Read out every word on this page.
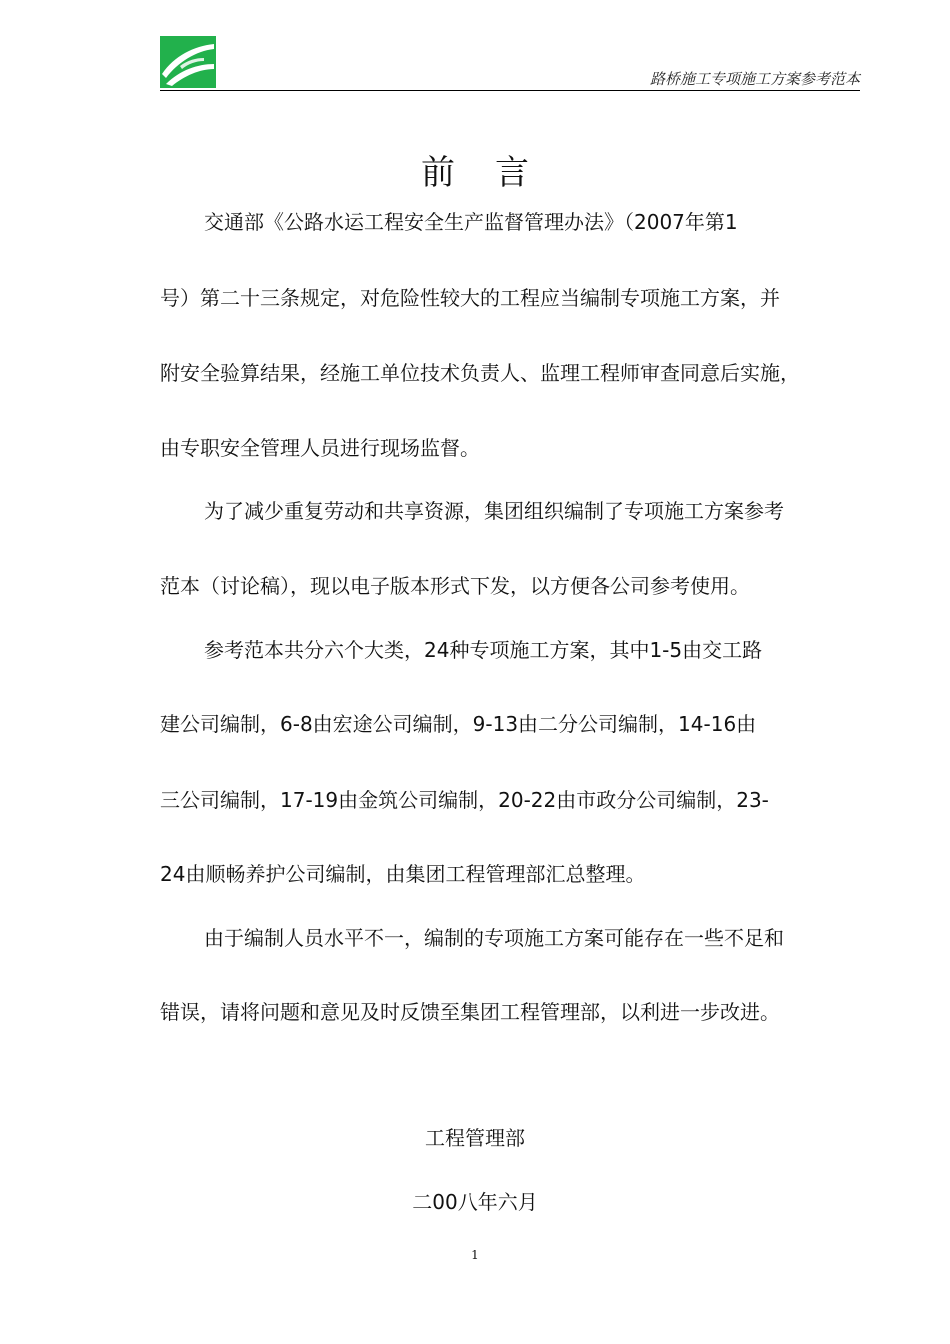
路桥施工专项施工方案参考范本
前言
交通部《公路水运工程安全生产监督管理办法》（2007年第1
号）第二十三条规定，对危险性较大的工程应当编制专项施工方案，并
附安全验算结果，经施工单位技术负责人、监理工程师审查同意后实施，
由专职安全管理人员进行现场监督。
为了减少重复劳动和共享资源，集团组织编制了专项施工方案参考
范本（讨论稿），现以电子版本形式下发，以方便各公司参考使用。
参考范本共分六个大类，24种专项施工方案，其中1-5由交工路
建公司编制，6-8由宏途公司编制，9-13由二分公司编制，14-16由
三公司编制，17-19由金筑公司编制，20-22由市政分公司编制，23-
24由顺畅养护公司编制，由集团工程管理部汇总整理。
由于编制人员水平不一，编制的专项施工方案可能存在一些不足和
错误，请将问题和意见及时反馈至集团工程管理部，以利进一步改进。
工程管理部
二00八年六月
1
